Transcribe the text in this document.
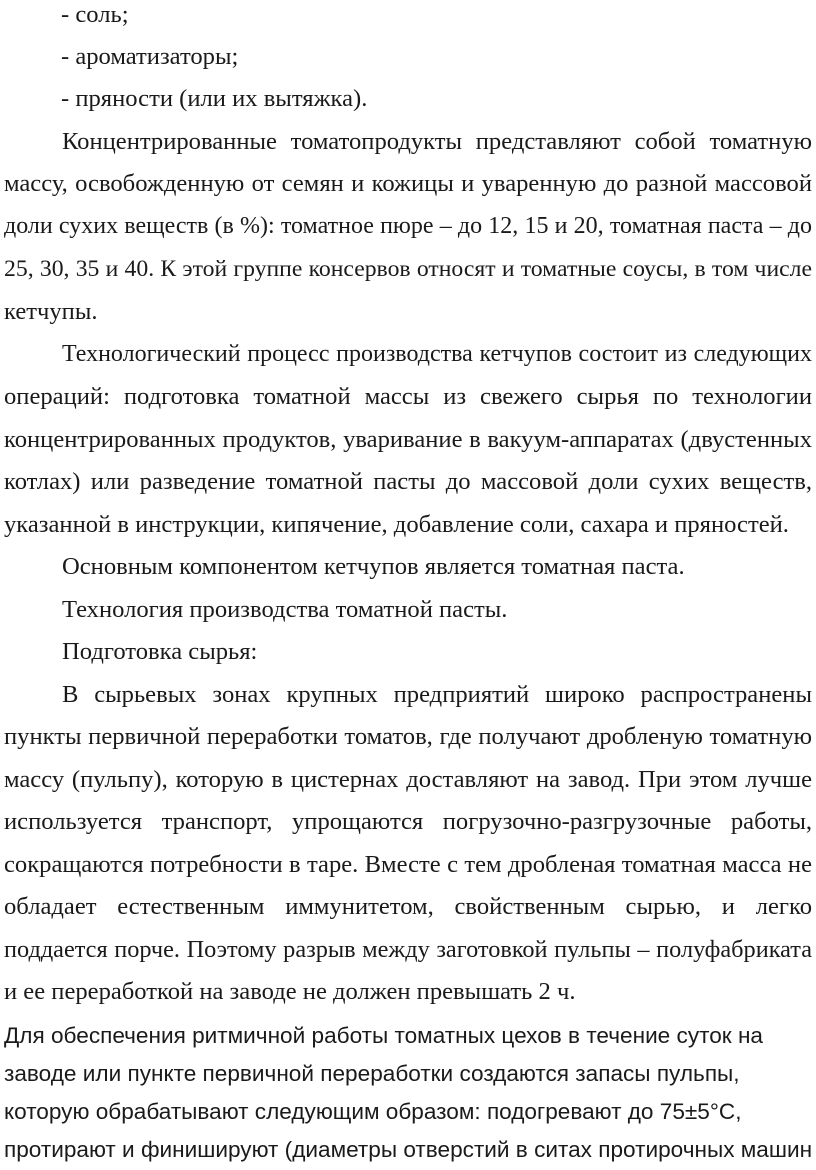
- соль;
- ароматизаторы;
- пряности (или их вытяжка).
Концентрированные томатопродукты представляют собой томатную
массу, освобожденную от семян и кожицы и уваренную до разной массовой
доли сухих веществ (в %): томатное пюре – до 12, 15 и 20, томатная паста – до
25, 30, 35 и 40. К этой группе консервов относят и томатные соусы, в том числе
кетчупы.
Технологический процесс производства кетчупов состоит из следующих
операций: подготовка томатной массы из свежего сырья по технологии
концентрированных продуктов, уваривание в вакуум-аппаратах (двустенных
котлах) или разведение томатной пасты до массовой доли сухих веществ,
указанной в инструкции, кипячение, добавление соли, сахара и пряностей.
Основным компонентом кетчупов является томатная паста.
Технология производства томатной пасты.
Подготовка сырья:
В сырьевых зонах крупных предприятий широко распространены
пункты первичной переработки томатов, где получают дробленую томатную
массу (пульпу), которую в цистернах доставляют на завод. При этом лучше
используется транспорт, упрощаются погрузочно-разгрузочные работы,
сокращаются потребности в таре. Вместе с тем дробленая томатная масса не
обладает естественным иммунитетом, свойственным сырью, и легко
поддается порче. Поэтому разрыв между заготовкой пульпы – полуфабриката
и ее переработкой на заводе не должен превышать 2 ч.
Для обеспечения ритмичной работы томатных цехов в течение суток на
заводе или пункте первичной переработки создаются запасы пульпы,
которую обрабатывают следующим образом: подогревают до 75±5°С,
протирают и финишируют (диаметры отверстий в ситах протирочных машин
